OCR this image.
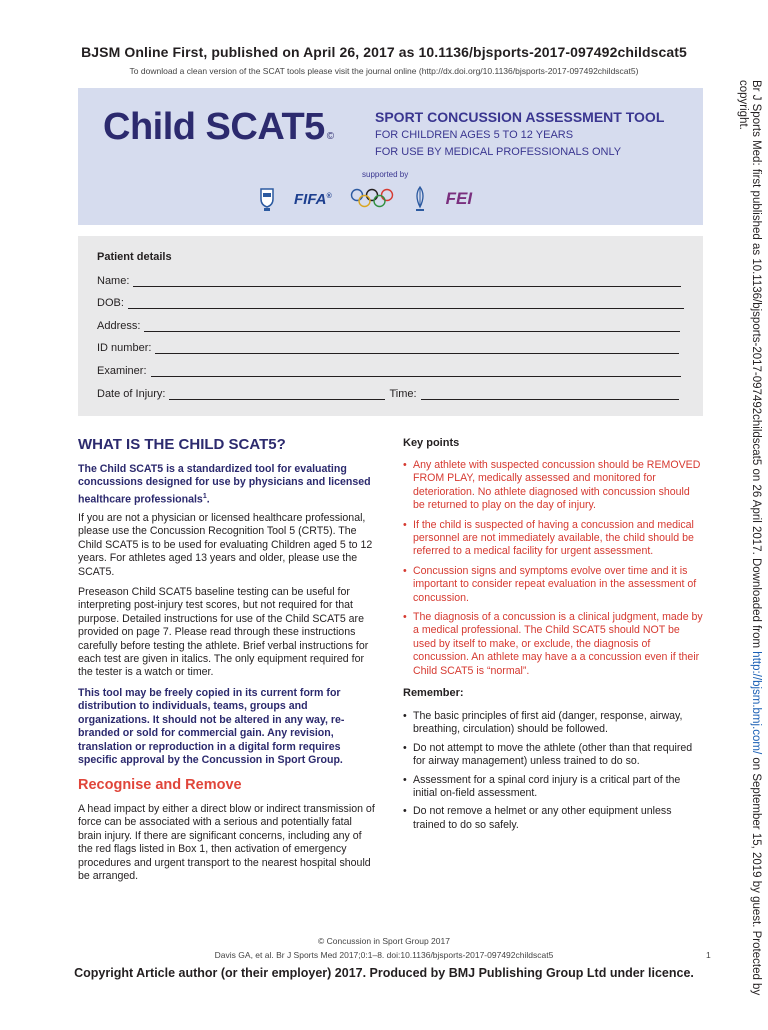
BJSM Online First, published on April 26, 2017 as 10.1136/bjsports-2017-097492childscat5
To download a clean version of the SCAT tools please visit the journal online (http://dx.doi.org/10.1136/bjsports-2017-097492childscat5)
Child SCAT5 ©
SPORT CONCUSSION ASSESSMENT TOOL
FOR CHILDREN AGES 5 TO 12 YEARS
FOR USE BY MEDICAL PROFESSIONALS ONLY
supported by
FIFA®	FEI
Patient details
Name:
DOB:
Address:
ID number:
Examiner:
Date of Injury:	Time:
WHAT IS THE CHILD SCAT5?
The Child SCAT5 is a standardized tool for evaluating concussions designed for use by physicians and licensed healthcare professionals$^1$.
If you are not a physician or licensed healthcare professional, please use the Concussion Recognition Tool 5 (CRT5). The Child SCAT5 is to be used for evaluating Children aged 5 to 12 years. For athletes aged 13 years and older, please use the SCAT5.
Preseason Child SCAT5 baseline testing can be useful for interpreting post-injury test scores, but not required for that purpose. Detailed instructions for use of the Child SCAT5 are provided on page 7. Please read through these instructions carefully before testing the athlete. Brief verbal instructions for each test are given in italics. The only equipment required for the tester is a watch or timer.
This tool may be freely copied in its current form for distribution to individuals, teams, groups and organizations. It should not be altered in any way, re-branded or sold for commercial gain. Any revision, translation or reproduction in a digital form requires specific approval by the Concussion in Sport Group.
Recognise and Remove
A head impact by either a direct blow or indirect transmission of force can be associated with a serious and potentially fatal brain injury. If there are significant concerns, including any of the red flags listed in Box 1, then activation of emergency procedures and urgent transport to the nearest hospital should be arranged.
Key points
• Any athlete with suspected concussion should be REMOVED FROM PLAY, medically assessed and monitored for deterioration. No athlete diagnosed with concussion should be returned to play on the day of injury.
• If the child is suspected of having a concussion and medical personnel are not immediately available, the child should be referred to a medical facility for urgent assessment.
• Concussion signs and symptoms evolve over time and it is important to consider repeat evaluation in the assessment of concussion.
• The diagnosis of a concussion is a clinical judgment, made by a medical professional. The Child SCAT5 should NOT be used by itself to make, or exclude, the diagnosis of concussion. An athlete may have a a concussion even if their Child SCAT5 is “normal”.
Remember:
• The basic principles of first aid (danger, response, airway, breathing, circulation) should be followed.
• Do not attempt to move the athlete (other than that required for airway management) unless trained to do so.
• Assessment for a spinal cord injury is a critical part of the initial on-field assessment.
• Do not remove a helmet or any other equipment unless trained to do so safely.
© Concussion in Sport Group 2017
Davis GA, et al. Br J Sports Med 2017;0:1–8. doi:10.1136/bjsports-2017-097492childscat5	1
Copyright Article author (or their employer) 2017. Produced by BMJ Publishing Group Ltd under licence.
Br J Sports Med: first published as 10.1136/bjsports-2017-097492childscat5 on 26 April 2017. Downloaded from http://bjsm.bmj.com/ on September 15, 2019 by guest. Protected by copyright.
